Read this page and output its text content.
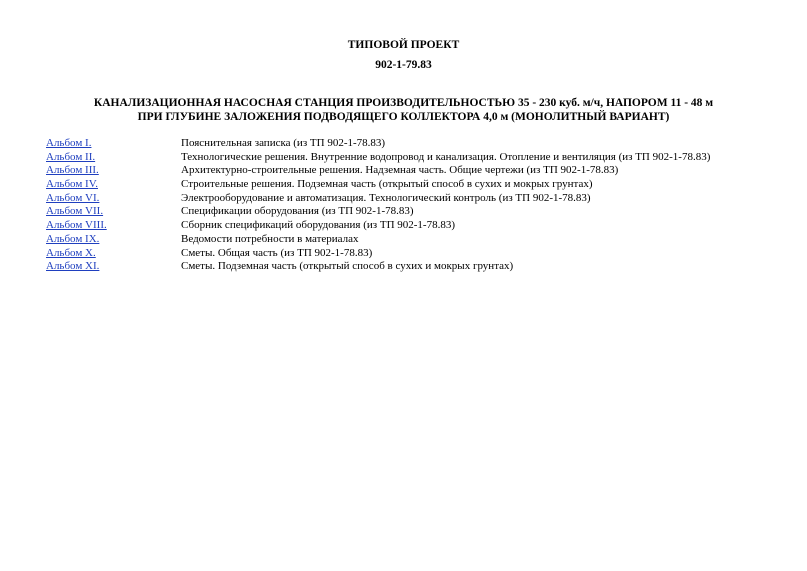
ТИПОВОЙ ПРОЕКТ
902-1-79.83
КАНАЛИЗАЦИОННАЯ НАСОСНАЯ СТАНЦИЯ ПРОИЗВОДИТЕЛЬНОСТЬЮ 35 - 230 куб. м/ч, НАПОРОМ 11 - 48 м
ПРИ ГЛУБИНЕ ЗАЛОЖЕНИЯ ПОДВОДЯЩЕГО КОЛЛЕКТОРА 4,0 м (МОНОЛИТНЫЙ ВАРИАНТ)
Альбом I.	Пояснительная записка (из ТП 902-1-78.83)
Альбом II.	Технологические решения. Внутренние водопровод и канализация. Отопление и вентиляция (из ТП 902-1-78.83)
Альбом III.	Архитектурно-строительные решения. Надземная часть. Общие чертежи (из ТП 902-1-78.83)
Альбом IV.	Строительные решения. Подземная часть (открытый способ в сухих и мокрых грунтах)
Альбом VI.	Электрооборудование и автоматизация. Технологический контроль (из ТП 902-1-78.83)
Альбом VII.	Спецификации оборудования (из ТП 902-1-78.83)
Альбом VIII.	Сборник спецификаций оборудования (из ТП 902-1-78.83)
Альбом IX.	Ведомости потребности в материалах
Альбом X.	Сметы. Общая часть (из ТП 902-1-78.83)
Альбом XI.	Сметы. Подземная часть (открытый способ в сухих и мокрых грунтах)
